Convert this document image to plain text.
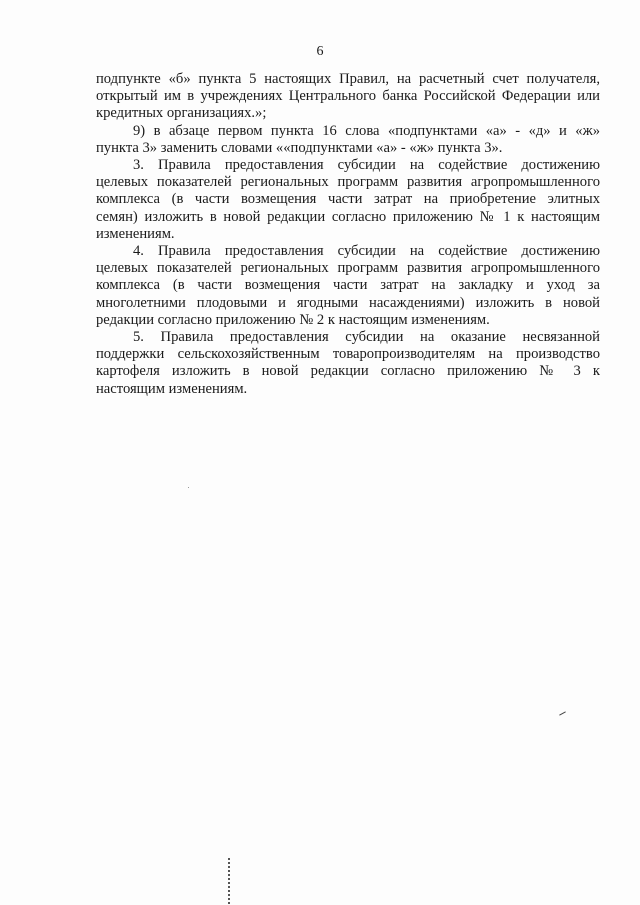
6

подпункте «б» пункта 5 настоящих Правил, на расчетный счет получателя,
открытый им в учреждениях Центрального банка Российской Федерации или
кредитных организациях.»;

9) в абзаце первом пункта 16 слова «подпунктами «а» - «д» и «ж»
пункта 3» заменить словами ««подпунктами «а» - «ж» пункта 3».

3. Правила предоставления субсидии на содействие достижению
целевых показателей региональных программ развития агропромышленного
комплекса (в части возмещения части затрат на приобретение элитных
семян) изложить в новой редакции согласно приложению № 1 к настоящим
изменениям.

4. Правила предоставления субсидии на содействие достижению
целевых показателей региональных программ развития агропромышленного
комплекса (в части возмещения части затрат на закладку и уход за
многолетними плодовыми и ягодными насаждениями) изложить в новой
редакции согласно приложению № 2 к настоящим изменениям.

5. Правила предоставления субсидии на оказание несвязанной
поддержки сельскохозяйственным товаропроизводителям на производство
картофеля изложить в новой редакции согласно приложению № 3 к
настоящим изменениям.
